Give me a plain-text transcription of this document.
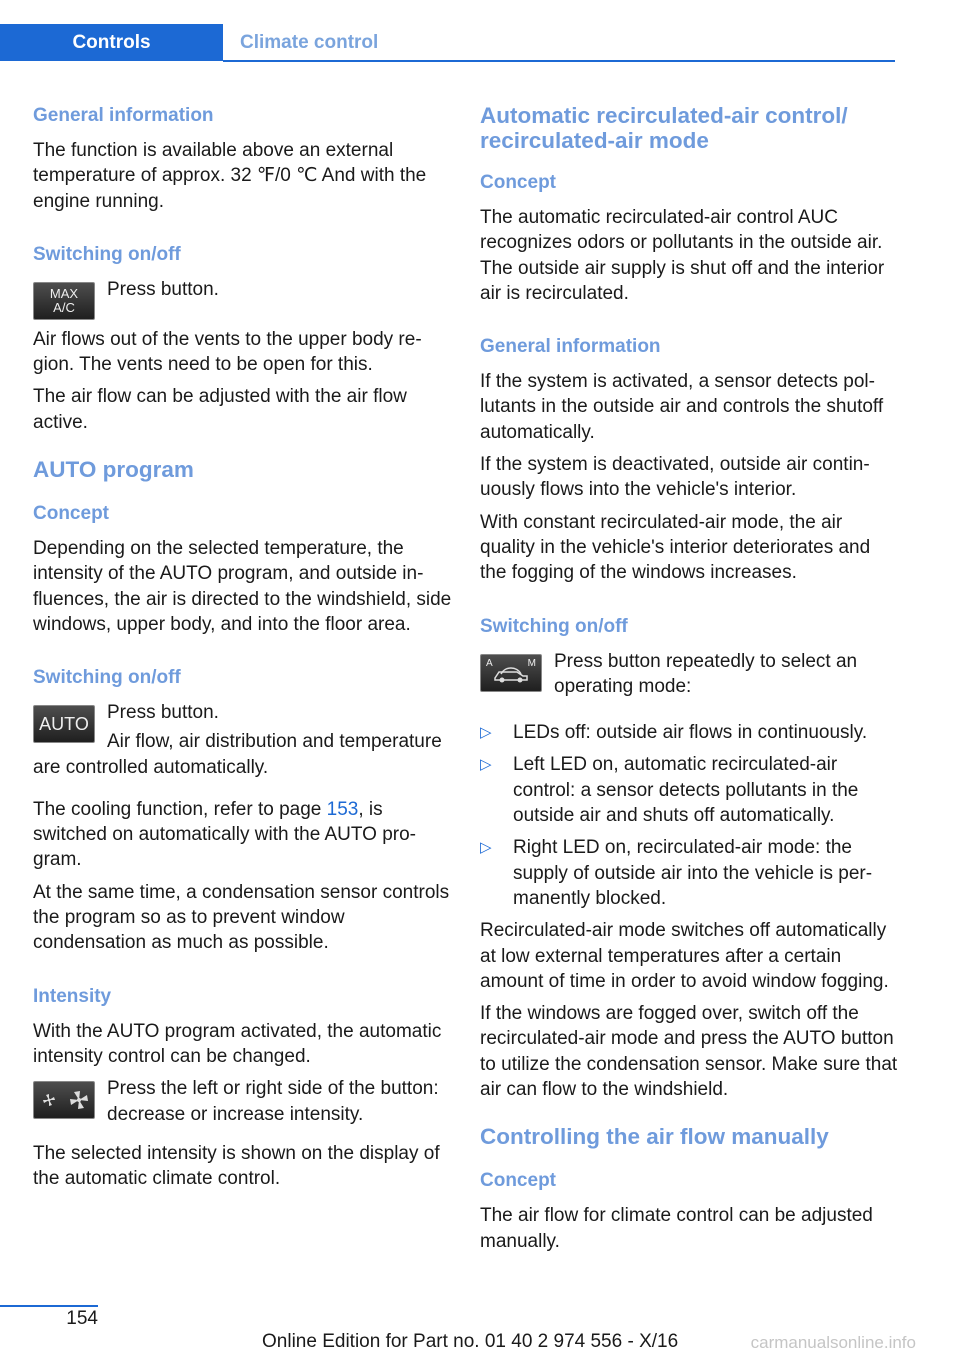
Controls	Climate control
General information

The function is available above an external temperature of approx. 32 ℉/0 ℃ And with the engine running.

Switching on/off
MAX
A/C

Press button.

Air flows out of the vents to the upper body region. The vents need to be open for this.

The air flow can be adjusted with the air flow active.

AUTO program
Concept

Depending on the selected temperature, the intensity of the AUTO program, and outside influences, the air is directed to the windshield, side windows, upper body, and into the floor area.

Switching on/off
AUTO

Press button.

Air flow, air distribution and temperature are controlled automatically.

The cooling function, refer to page 153, is switched on automatically with the AUTO program.

At the same time, a condensation sensor controls the program so as to prevent window condensation as much as possible.

Intensity

With the AUTO program activated, the automatic intensity control can be changed.

Press the left or right side of the button: decrease or increase intensity.

The selected intensity is shown on the display of the automatic climate control.

Automatic recirculated-air control/ recirculated-air mode
Concept

The automatic recirculated-air control AUC recognizes odors or pollutants in the outside air. The outside air supply is shut off and the interior air is recirculated.

General information

If the system is activated, a sensor detects pollutants in the outside air and controls the shutoff automatically.

If the system is deactivated, outside air continuously flows into the vehicle's interior.

With constant recirculated-air mode, the air quality in the vehicle's interior deteriorates and the fogging of the windows increases.

Switching on/off
A	M Press button repeatedly to select an operating mode:

▷	LEDs off: outside air flows in continuously.

▷	Left LED on, automatic recirculated-air control: a sensor detects pollutants in the outside air and shuts off automatically.

▷	Right LED on, recirculated-air mode: the supply of outside air into the vehicle is permanently blocked.

Recirculated-air mode switches off automatically at low external temperatures after a certain amount of time in order to avoid window fogging.

If the windows are fogged over, switch off the recirculated-air mode and press the AUTO button to utilize the condensation sensor. Make sure that air can flow to the windshield.

Controlling the air flow manually
Concept

The air flow for climate control can be adjusted manually.

154
Online Edition for Part no. 01 40 2 974 556 - X/16	carmanualsonline.info
